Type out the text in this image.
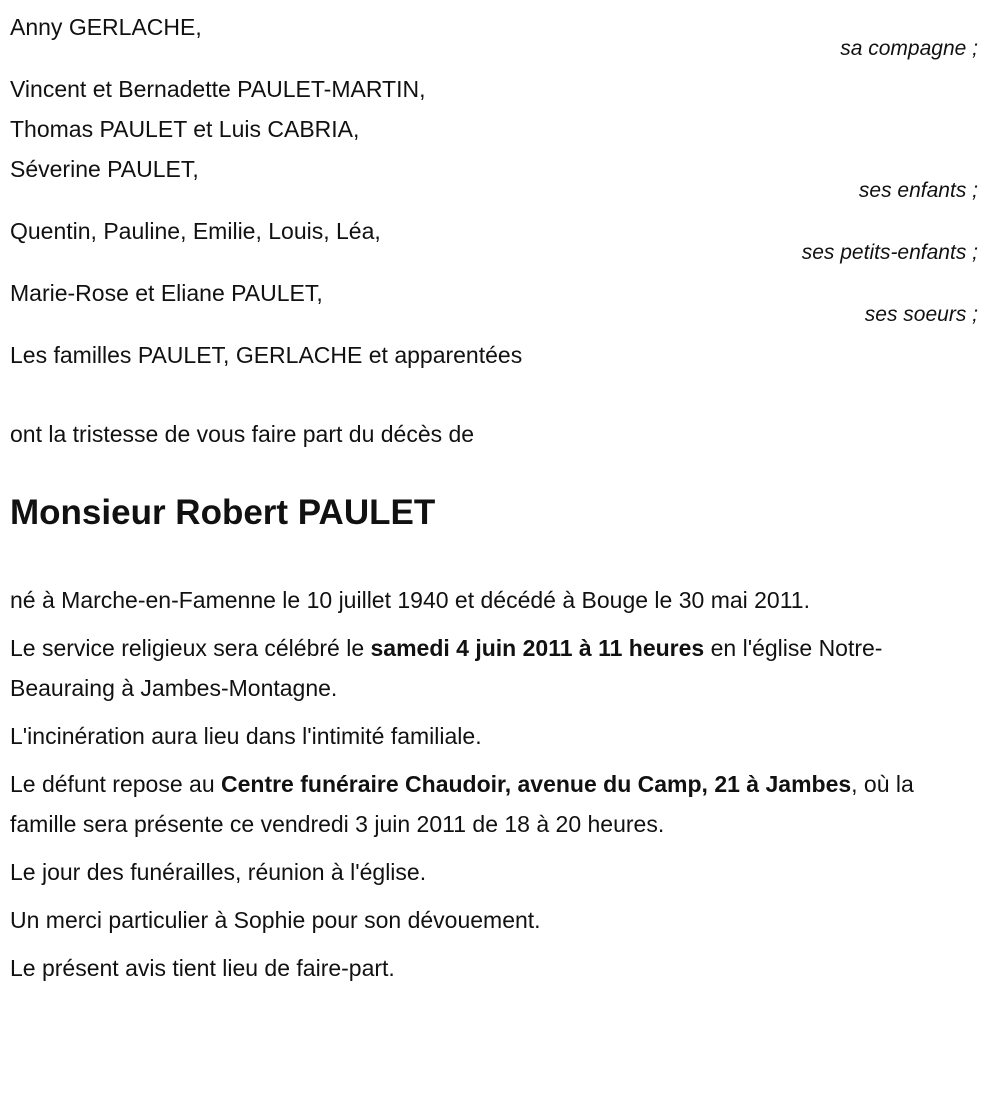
Anny GERLACHE,
sa compagne ;
Vincent et Bernadette PAULET-MARTIN,
Thomas PAULET et Luis CABRIA,
Séverine PAULET,
ses enfants ;
Quentin, Pauline, Emilie, Louis, Léa,
ses petits-enfants ;
Marie-Rose et Eliane PAULET,
ses soeurs ;
Les familles PAULET, GERLACHE et apparentées
ont la tristesse de vous faire part du décès de
Monsieur Robert PAULET

né à Marche-en-Famenne le 10 juillet 1940 et décédé à Bouge le 30 mai 2011.

Le service religieux sera célébré le samedi 4 juin 2011 à 11 heures en l'église Notre-Beauraing à Jambes-Montagne.

L'incinération aura lieu dans l'intimité familiale.

Le défunt repose au Centre funéraire Chaudoir, avenue du Camp, 21 à Jambes, où la famille sera présente ce vendredi 3 juin 2011 de 18 à 20 heures.

Le jour des funérailles, réunion à l'église.

Un merci particulier à Sophie pour son dévouement.

Le présent avis tient lieu de faire-part.
